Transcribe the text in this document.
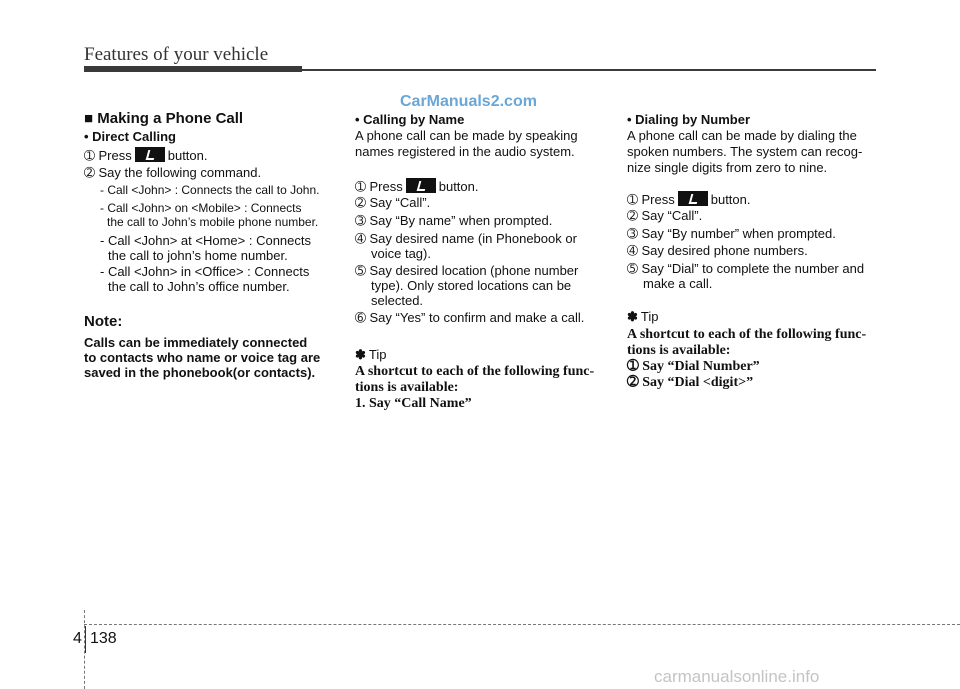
Features of your vehicle
CarManuals2.com
■ Making a Phone Call
• Direct Calling
➀ Press	button.
➁ Say the following command.
- Call <John> : Connects the call to John.
- Call <John> on <Mobile> : Connects
the call to John’s mobile phone number.
- Call <John> at <Home> : Connects
the call to john’s home number.
- Call <John> in <Office> : Connects
the call to John’s office number.
Note:
Calls can be immediately connected
to contacts who name or voice tag are
saved in the phonebook(or contacts).
• Calling by Name
A phone call can be made by speaking
names registered in the audio system.
➀ Press	button.
➁ Say “Call”.
➂ Say “By name” when prompted.
➃ Say desired name (in Phonebook or
voice tag).
➄ Say desired location (phone number
type). Only stored locations can be
selected.
➅ Say “Yes” to confirm and make a call.
✽ Tip
A shortcut to each of the following func-
tions is available:
1. Say “Call Name”
• Dialing by Number
A phone call can be made by dialing the
spoken numbers. The system can recog-
nize single digits from zero to nine.
➀ Press	button.
➁ Say “Call”.
➂ Say “By number” when prompted.
➃ Say desired phone numbers.
➄ Say “Dial” to complete the number and
make a call.
✽ Tip
A shortcut to each of the following func-
tions is available:
➀ Say “Dial Number”
➁ Say “Dial <digit>”
4 138
carmanualsonline.info
